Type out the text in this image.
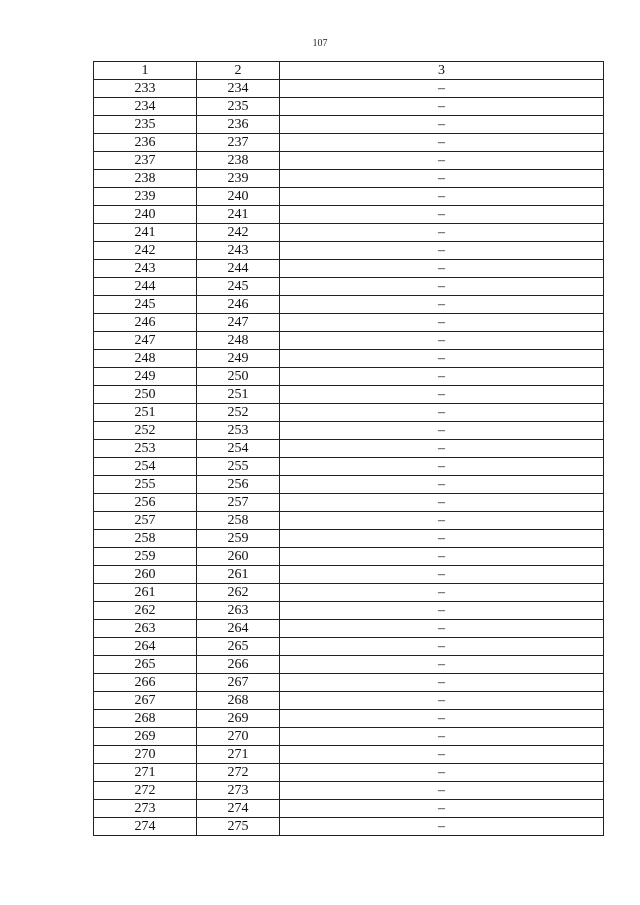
107
1	2	3
233	234	–
234	235	–
235	236	–
236	237	–
237	238	–
238	239	–
239	240	–
240	241	–
241	242	–
242	243	–
243	244	–
244	245	–
245	246	–
246	247	–
247	248	–
248	249	–
249	250	–
250	251	–
251	252	–
252	253	–
253	254	–
254	255	–
255	256	–
256	257	–
257	258	–
258	259	–
259	260	–
260	261	–
261	262	–
262	263	–
263	264	–
264	265	–
265	266	–
266	267	–
267	268	–
268	269	–
269	270	–
270	271	–
271	272	–
272	273	–
273	274	–
274	275	–
